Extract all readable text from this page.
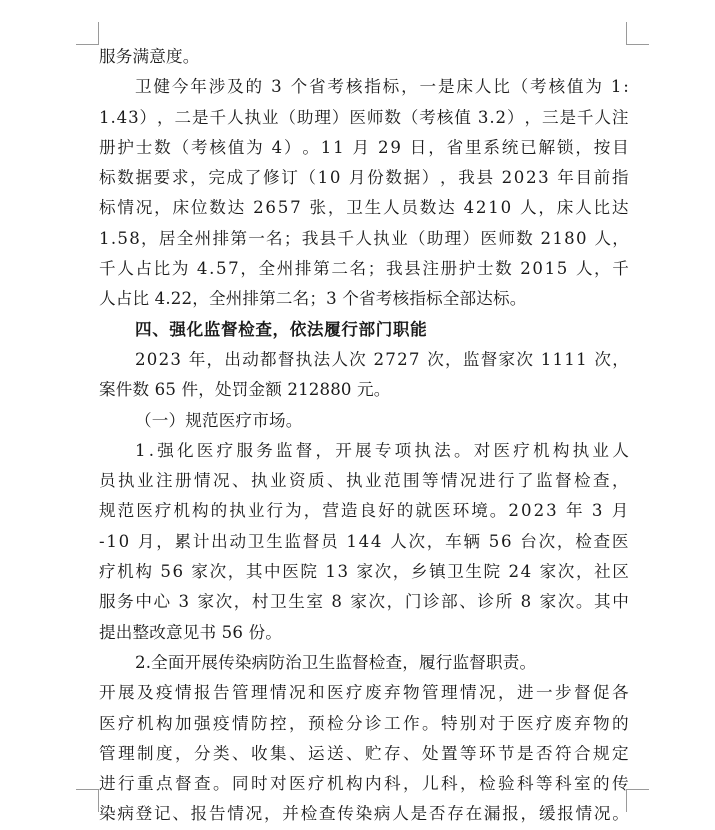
服务满意度。
卫 健 今 年 涉 及 的
3
个 省 考 核 指 标 ， 一 是 床 人 比 （ 考 核 值 为
1 :
1 . 4 3 ） ， 二 是 千 人 执 业 （ 助 理 ） 医 师 数 （ 考 核 值
3 . 2 ） ， 三 是 千 人 注
册 护 士 数 （ 考 核 值 为
4 ） 。 1 1
月
2 9
日 ， 省 里 系 统 已 解 锁 ， 按 目
标 数 据 要 求 ， 完 成 了 修 订 （ 1 0
月 份 数 据 ） ， 我 县
2 0 2 3
年 目 前 指
标 情 况 ， 床 位 数 达
2 6 5 7
张 ， 卫 生 人 员 数 达
4 2 1 0
人 ， 床 人 比 达
1 . 5 8 ， 居 全 州 排 第 一 名 ； 我 县 千 人 执 业 （ 助 理 ） 医 师 数
2 1 8 0
人 ，
千 人 占 比 为
4 . 5 7 ， 全 州 排 第 二 名 ； 我 县 注 册 护 士 数
2 0 1 5
人 ， 千
人占比 4.22，全州排第二名；3 个省考核指标全部达标。
四、强化监督检查，依法履行部门职能
2 0 2 3
年 ， 出 动 都 督 执 法 人 次
2 7 2 7
次 ， 监 督 家 次
1 1 1 1
次 ，
案件数 65 件，处罚金额 212880 元。
（一）规范医疗市场。
1 . 强 化 医 疗 服 务 监 督 ， 开 展 专 项 执 法 。 对 医 疗 机 构 执 业 人
员 执 业 注 册 情 况 、 执 业 资 质 、 执 业 范 围 等 情 况 进 行 了 监 督 检 查 ，
规 范 医 疗 机 构 的 执 业 行 为 ， 营 造 良 好 的 就 医 环 境 。 2 0 2 3
年
3
月
- 1 0
月 ， 累 计 出 动 卫 生 监 督 员
1 4 4
人 次 ， 车 辆
5 6
台 次 ， 检 查 医
疗 机 构
5 6
家 次 ， 其 中 医 院
1 3
家 次 ， 乡 镇 卫 生 院
2 4
家 次 ， 社 区
服 务 中 心
3
家 次 ， 村 卫 生 室
8
家 次 ， 门 诊 部 、 诊 所
8
家 次 。 其 中
提出整改意见书 56 份。
2.全面开展传染病防治卫生监督检查，履行监督职责。
开 展 及 疫 情 报 告 管 理 情 况 和 医 疗 废 弃 物 管 理 情 况 ， 进 一 步 督 促 各
医 疗 机 构 加 强 疫 情 防 控 ， 预 检 分 诊 工 作 。 特 别 对 于 医 疗 废 弃 物 的
管 理 制 度 ， 分 类 、 收 集 、 运 送 、 贮 存 、 处 置 等 环 节 是 否 符 合 规 定
进 行 重 点 督 查 。 同 时 对 医 疗 机 构 内 科 ， 儿 科 ， 检 验 科 等 科 室 的 传
染 病 登 记 、 报 告 情 况 ， 并 检 查 传 染 病 人 是 否 存 在 漏 报 ， 缓 报 情 况 。
